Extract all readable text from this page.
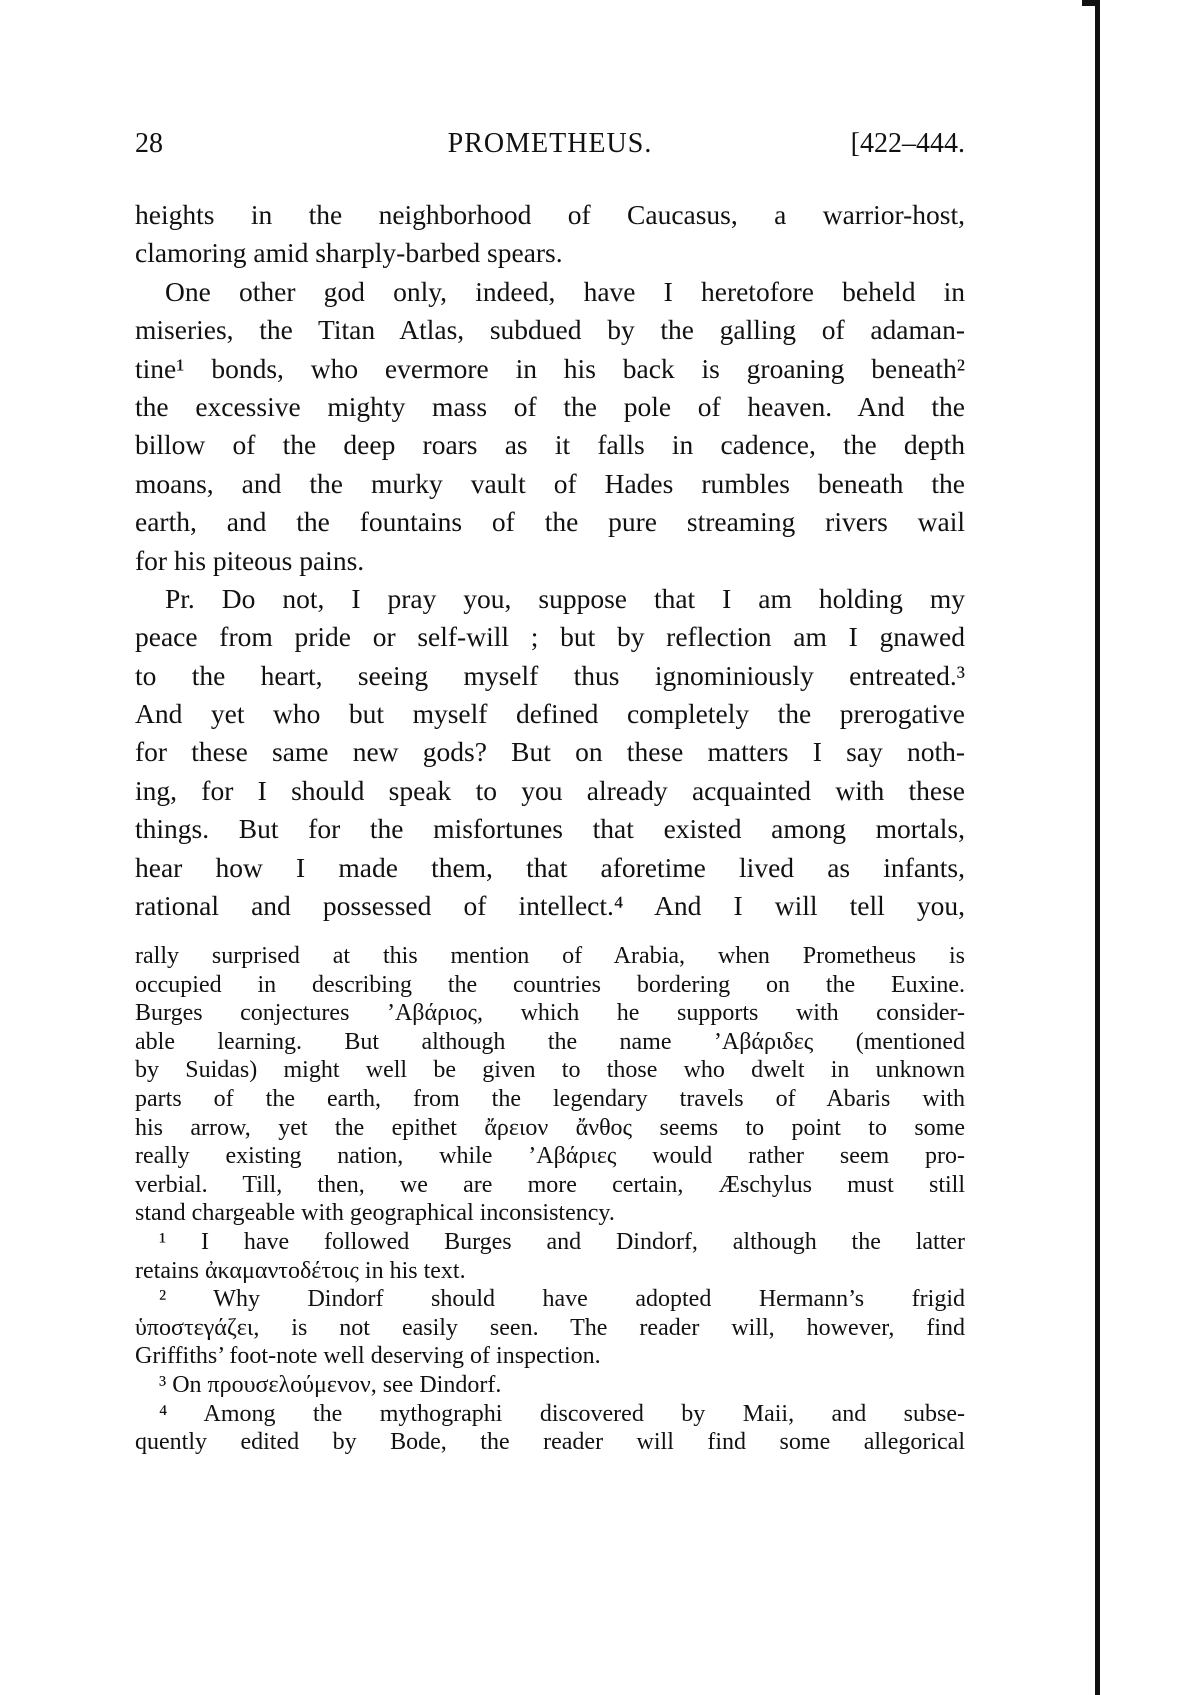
28	PROMETHEUS.	[422–444.
heights in the neighborhood of Caucasus, a warrior-host,
clamoring amid sharply-barbed spears.
One other god only, indeed, have I heretofore beheld in
miseries, the Titan Atlas, subdued by the galling of adaman-
tine¹ bonds, who evermore in his back is groaning beneath²
the excessive mighty mass of the pole of heaven. And the
billow of the deep roars as it falls in cadence, the depth
moans, and the murky vault of Hades rumbles beneath the
earth, and the fountains of the pure streaming rivers wail
for his piteous pains.
Pr. Do not, I pray you, suppose that I am holding my
peace from pride or self-will ; but by reflection am I gnawed
to the heart, seeing myself thus ignominiously entreated.³
And yet who but myself defined completely the prerogative
for these same new gods? But on these matters I say noth-
ing, for I should speak to you already acquainted with these
things. But for the misfortunes that existed among mortals,
hear how I made them, that aforetime lived as infants,
rational and possessed of intellect.⁴ And I will tell you,
rally surprised at this mention of Arabia, when Prometheus is
occupied in describing the countries bordering on the Euxine.
Burges conjectures ’Αβάριος, which he supports with consider-
able learning. But although the name ’Αβάριδες (mentioned
by Suidas) might well be given to those who dwelt in unknown
parts of the earth, from the legendary travels of Abaris with
his arrow, yet the epithet ἄρειον ἄνθος seems to point to some
really existing nation, while ’Αβάριες would rather seem pro-
verbial. Till, then, we are more certain, Æschylus must still
stand chargeable with geographical inconsistency.
¹ I have followed Burges and Dindorf, although the latter
retains ἀκαμαντοδέτοις in his text.
² Why Dindorf should have adopted Hermann’s frigid
ὑποστεγάζει, is not easily seen. The reader will, however, find
Griffiths’ foot-note well deserving of inspection.
³ On προυσελούμενον, see Dindorf.
⁴ Among the mythographi discovered by Maii, and subse-
quently edited by Bode, the reader will find some allegorical
